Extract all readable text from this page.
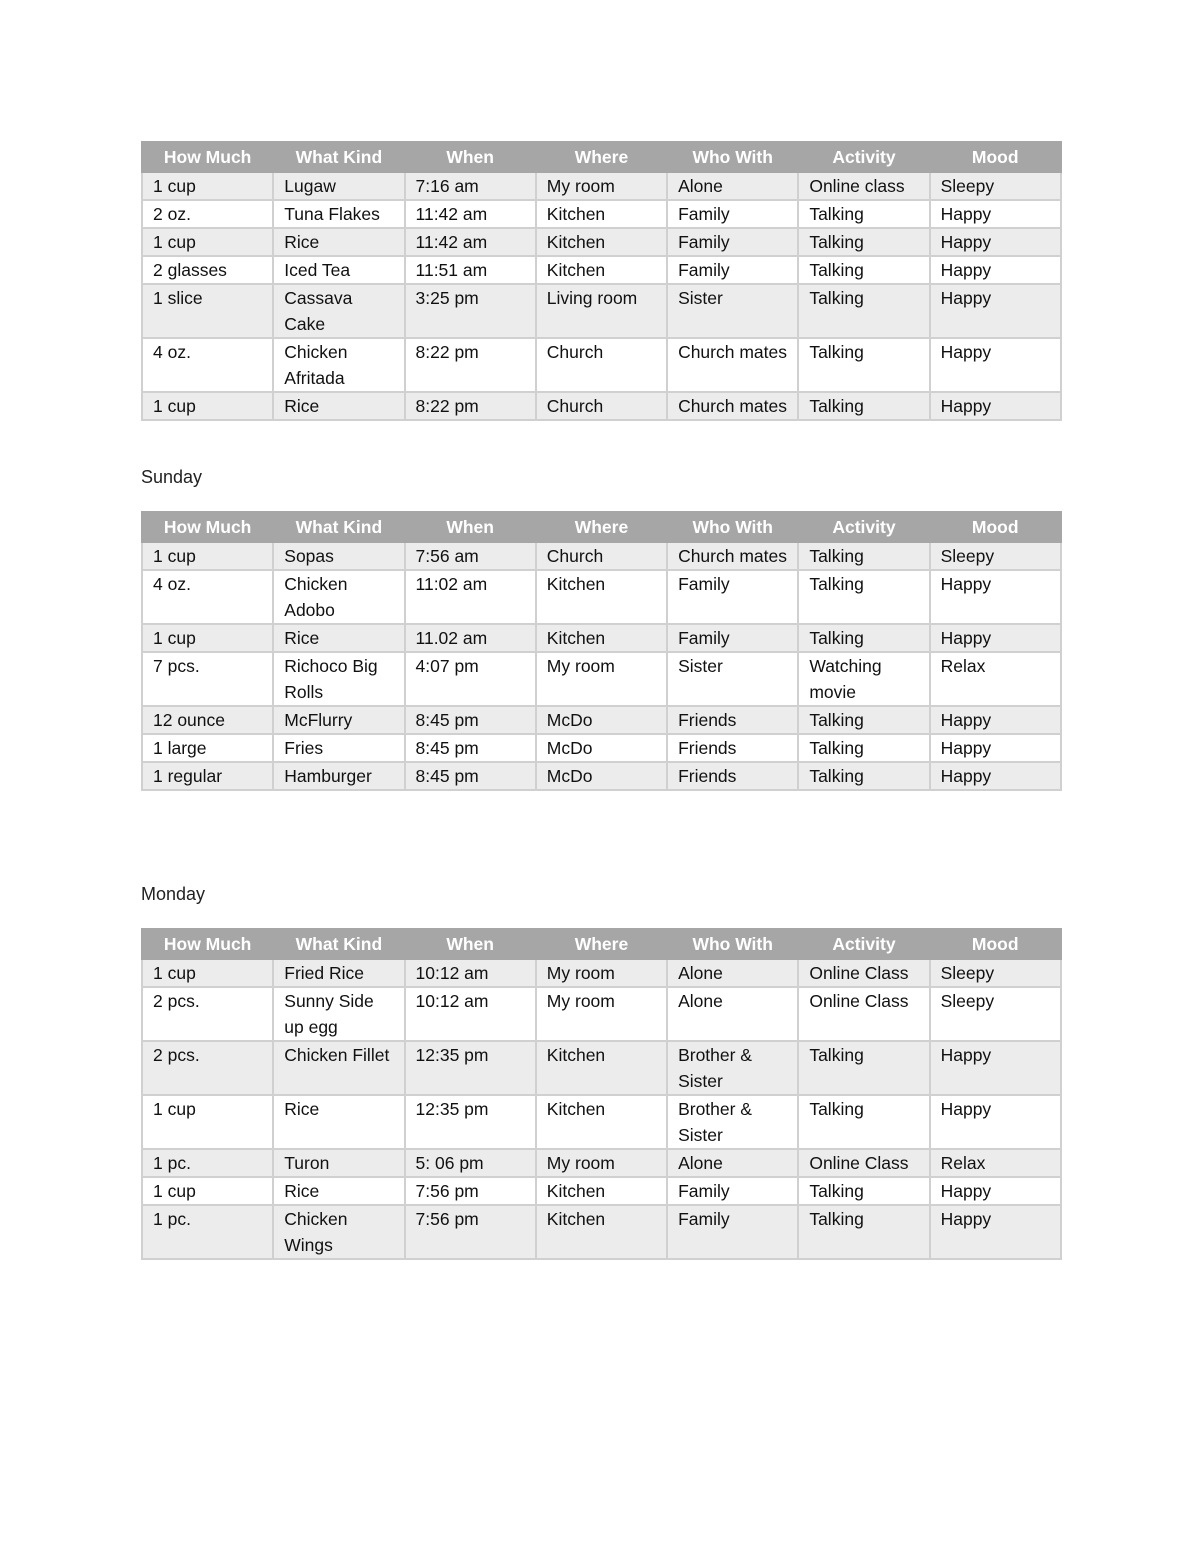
How Much	What Kind	When	Where	Who With	Activity	Mood
1 cup	Lugaw	7:16 am	My room	Alone	Online class	Sleepy
2 oz.	Tuna Flakes	11:42 am	Kitchen	Family	Talking	Happy
1 cup	Rice	11:42 am	Kitchen	Family	Talking	Happy
2 glasses	Iced Tea	11:51 am	Kitchen	Family	Talking	Happy
1 slice	Cassava Cake	3:25 pm	Living room	Sister	Talking	Happy
4 oz.	Chicken Afritada	8:22 pm	Church	Church mates	Talking	Happy
1 cup	Rice	8:22 pm	Church	Church mates	Talking	Happy

Sunday

How Much	What Kind	When	Where	Who With	Activity	Mood
1 cup	Sopas	7:56 am	Church	Church mates	Talking	Sleepy
4 oz.	Chicken Adobo	11:02 am	Kitchen	Family	Talking	Happy
1 cup	Rice	11.02 am	Kitchen	Family	Talking	Happy
7 pcs.	Richoco Big Rolls	4:07 pm	My room	Sister	Watching movie	Relax
12 ounce	McFlurry	8:45 pm	McDo	Friends	Talking	Happy
1 large	Fries	8:45 pm	McDo	Friends	Talking	Happy
1 regular	Hamburger	8:45 pm	McDo	Friends	Talking	Happy

Monday

How Much	What Kind	When	Where	Who With	Activity	Mood
1 cup	Fried Rice	10:12 am	My room	Alone	Online Class	Sleepy
2 pcs.	Sunny Side up egg	10:12 am	My room	Alone	Online Class	Sleepy
2 pcs.	Chicken Fillet	12:35 pm	Kitchen	Brother & Sister	Talking	Happy
1 cup	Rice	12:35 pm	Kitchen	Brother & Sister	Talking	Happy
1 pc.	Turon	5: 06 pm	My room	Alone	Online Class	Relax
1 cup	Rice	7:56 pm	Kitchen	Family	Talking	Happy
1 pc.	Chicken Wings	7:56 pm	Kitchen	Family	Talking	Happy
